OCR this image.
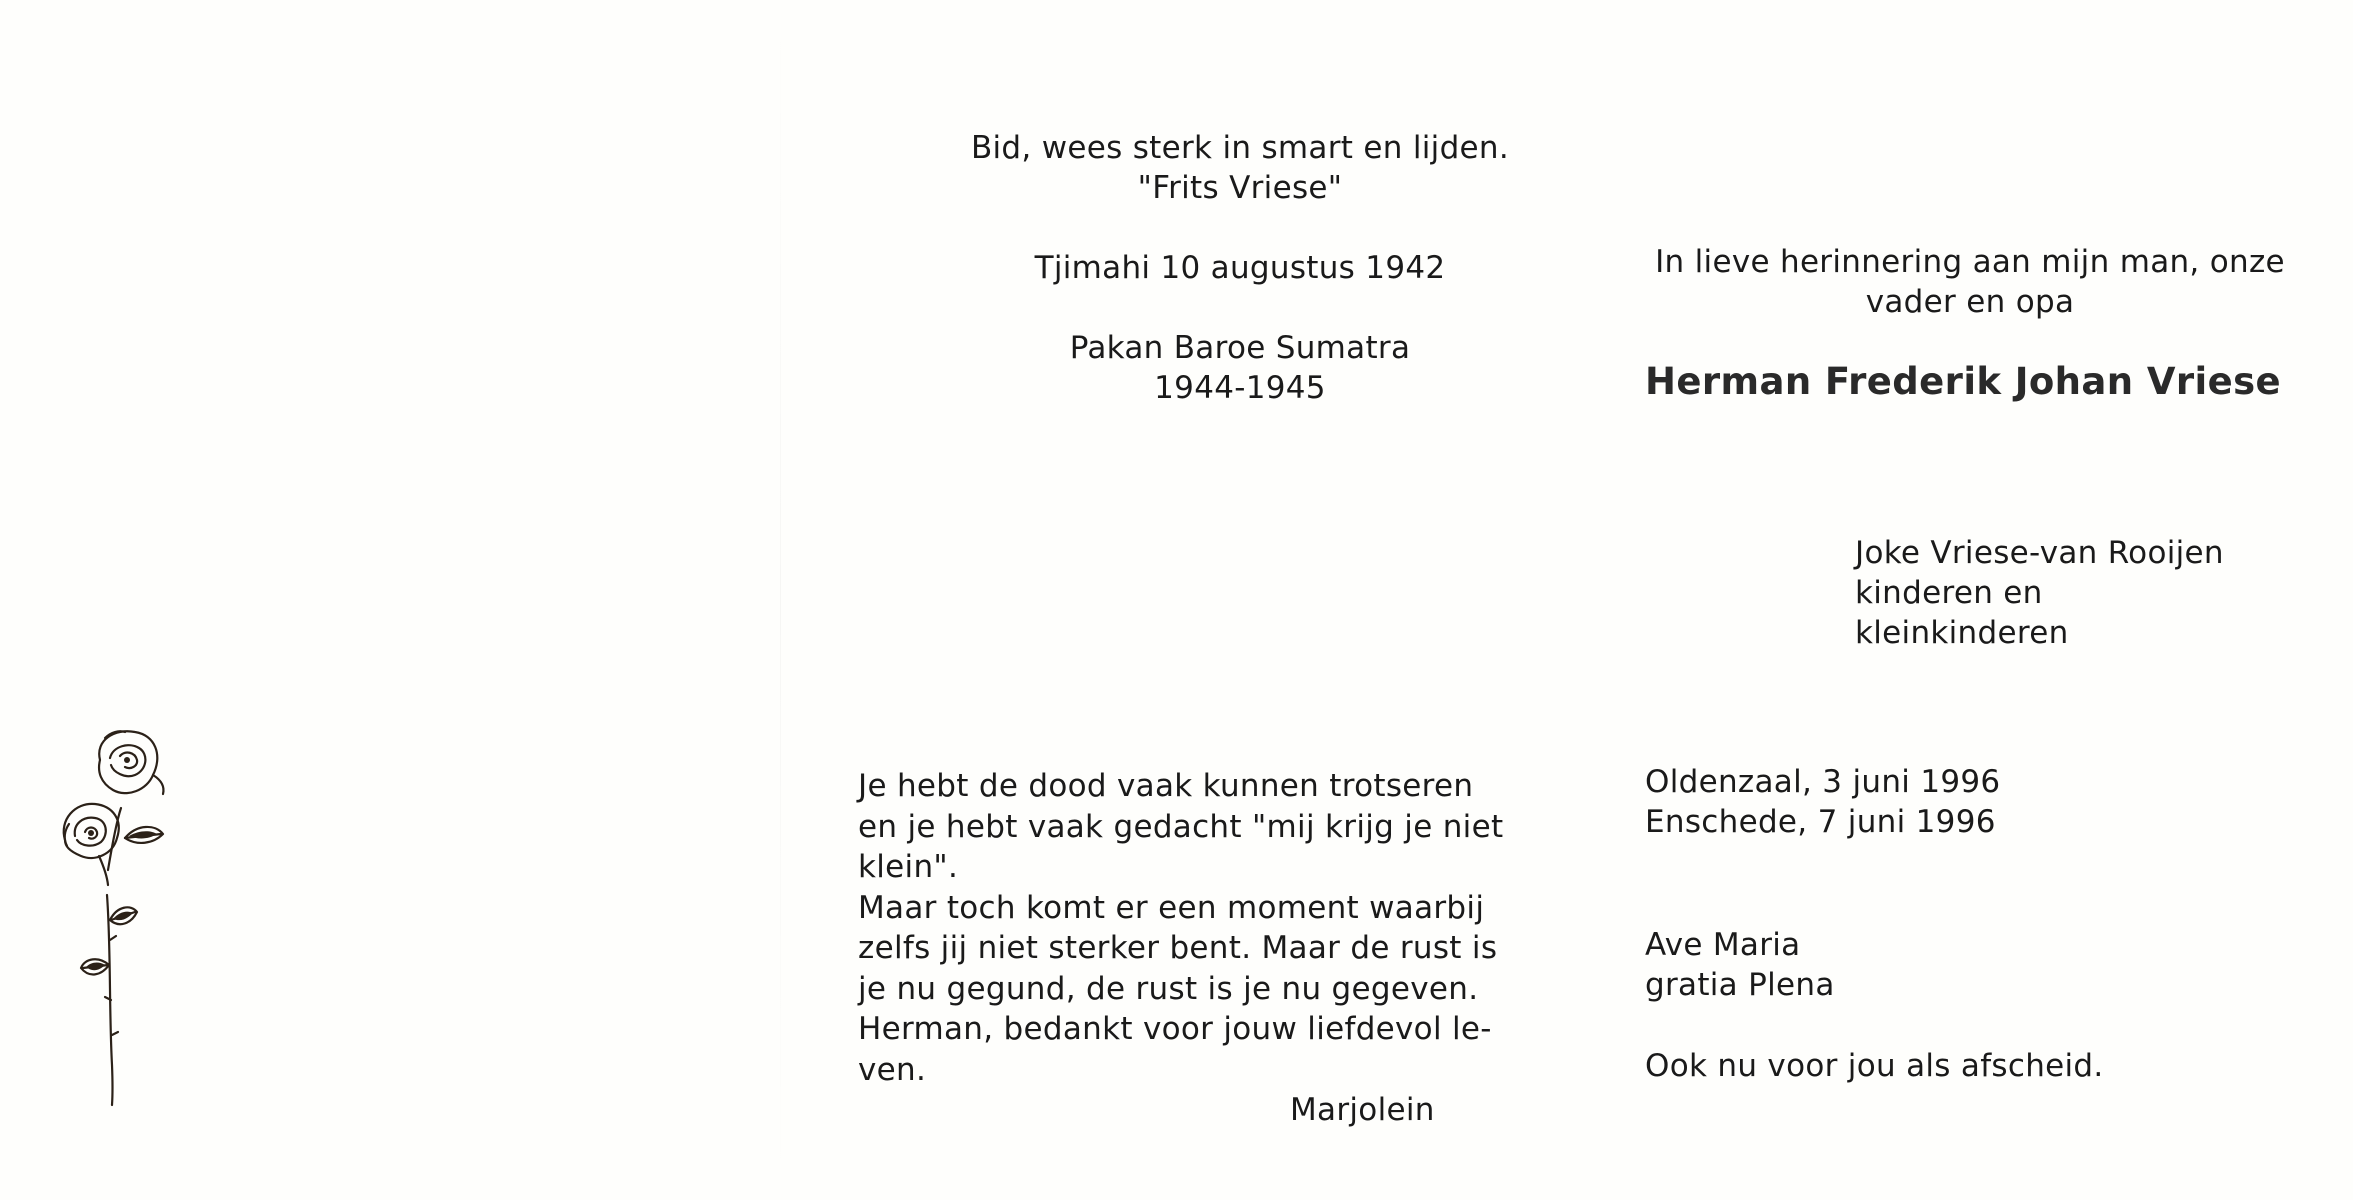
Bid, wees sterk in smart en lijden.
"Frits Vriese"
Tjimahi 10 augustus 1942
Pakan Baroe Sumatra
1944-1945
In lieve herinnering aan mijn man, onze
vader en opa
Herman Frederik Johan Vriese
Joke Vriese-van Rooijen
kinderen en
kleinkinderen
Oldenzaal, 3 juni 1996
Enschede, 7 juni 1996
Ave Maria
gratia Plena
Ook nu voor jou als afscheid.
Je hebt de dood vaak kunnen trotseren
en je hebt vaak gedacht "mij krijg je niet
klein".
Maar toch komt er een moment waarbij
zelfs jij niet sterker bent. Maar de rust is
je nu gegund, de rust is je nu gegeven.
Herman, bedankt voor jouw liefdevol le-
ven.
Marjolein
